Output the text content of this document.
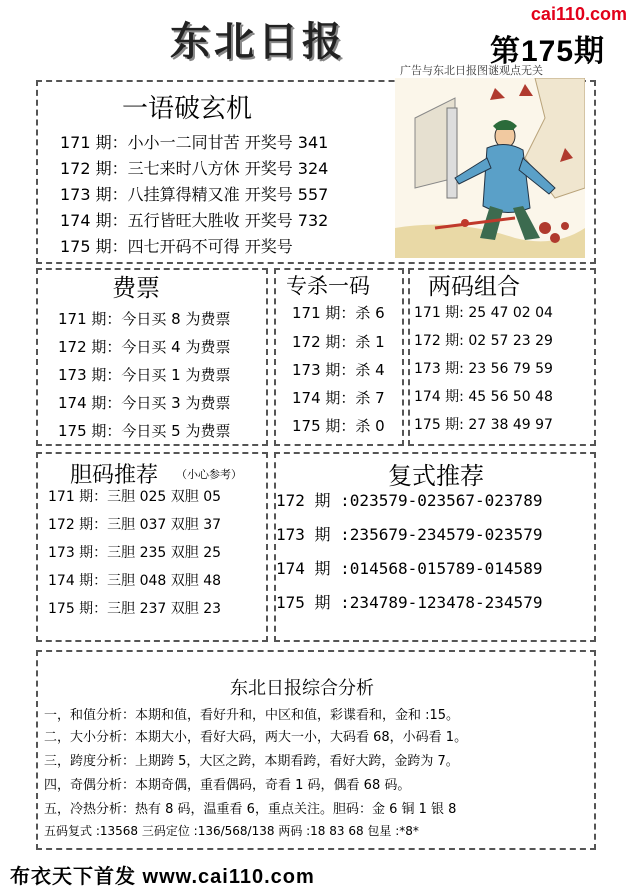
东北日报
cai110.com
第175期
广告与东北日报图谜观点无关
一语破玄机
171 期：小小一二同甘苦 开奖号 341
172 期：三七来时八方休 开奖号 324
173 期：八挂算得精又准 开奖号 557
174 期：五行皆旺大胜收 开奖号 732
175 期：四七开码不可得 开奖号
费票
171 期：今日买 8 为费票
172 期：今日买 4 为费票
173 期：今日买 1 为费票
174 期：今日买 3 为费票
175 期：今日买 5 为费票
专杀一码
171 期：杀 6
172 期：杀 1
173 期：杀 4
174 期：杀 7
175 期：杀 0
两码组合
171 期: 25 47 02 04
172 期: 02 57 23 29
173 期: 23 56 79 59
174 期: 45 56 50 48
175 期: 27 38 49 97
胆码推荐 （小心参考）
171 期：三胆 025 双胆 05
172 期：三胆 037 双胆 37
173 期：三胆 235 双胆 25
174 期：三胆 048 双胆 48
175 期：三胆 237 双胆 23
复式推荐
172 期 :023579-023567-023789
173 期 :235679-234579-023579
174 期 :014568-015789-014589
175 期 :234789-123478-234579
东北日报综合分析
一，和值分析：本期和值，看好升和，中区和值，彩谍看和，金和 :15。
二，大小分析：本期大小，看好大码，两大一小，大码看 68，小码看 1。
三，跨度分析：上期跨 5，大区之跨，本期看跨，看好大跨，金跨为 7。
四，奇偶分析：本期奇偶，重看偶码，奇看 1 码，偶看 68 码。
五，冷热分析：热有 8 码，温重看 6，重点关注。胆码：金 6 铜 1 银 8
五码复式 :13568 三码定位 :136/568/138 两码 :18 83 68 包星 :*8*
布衣天下首发 www.cai110.com
